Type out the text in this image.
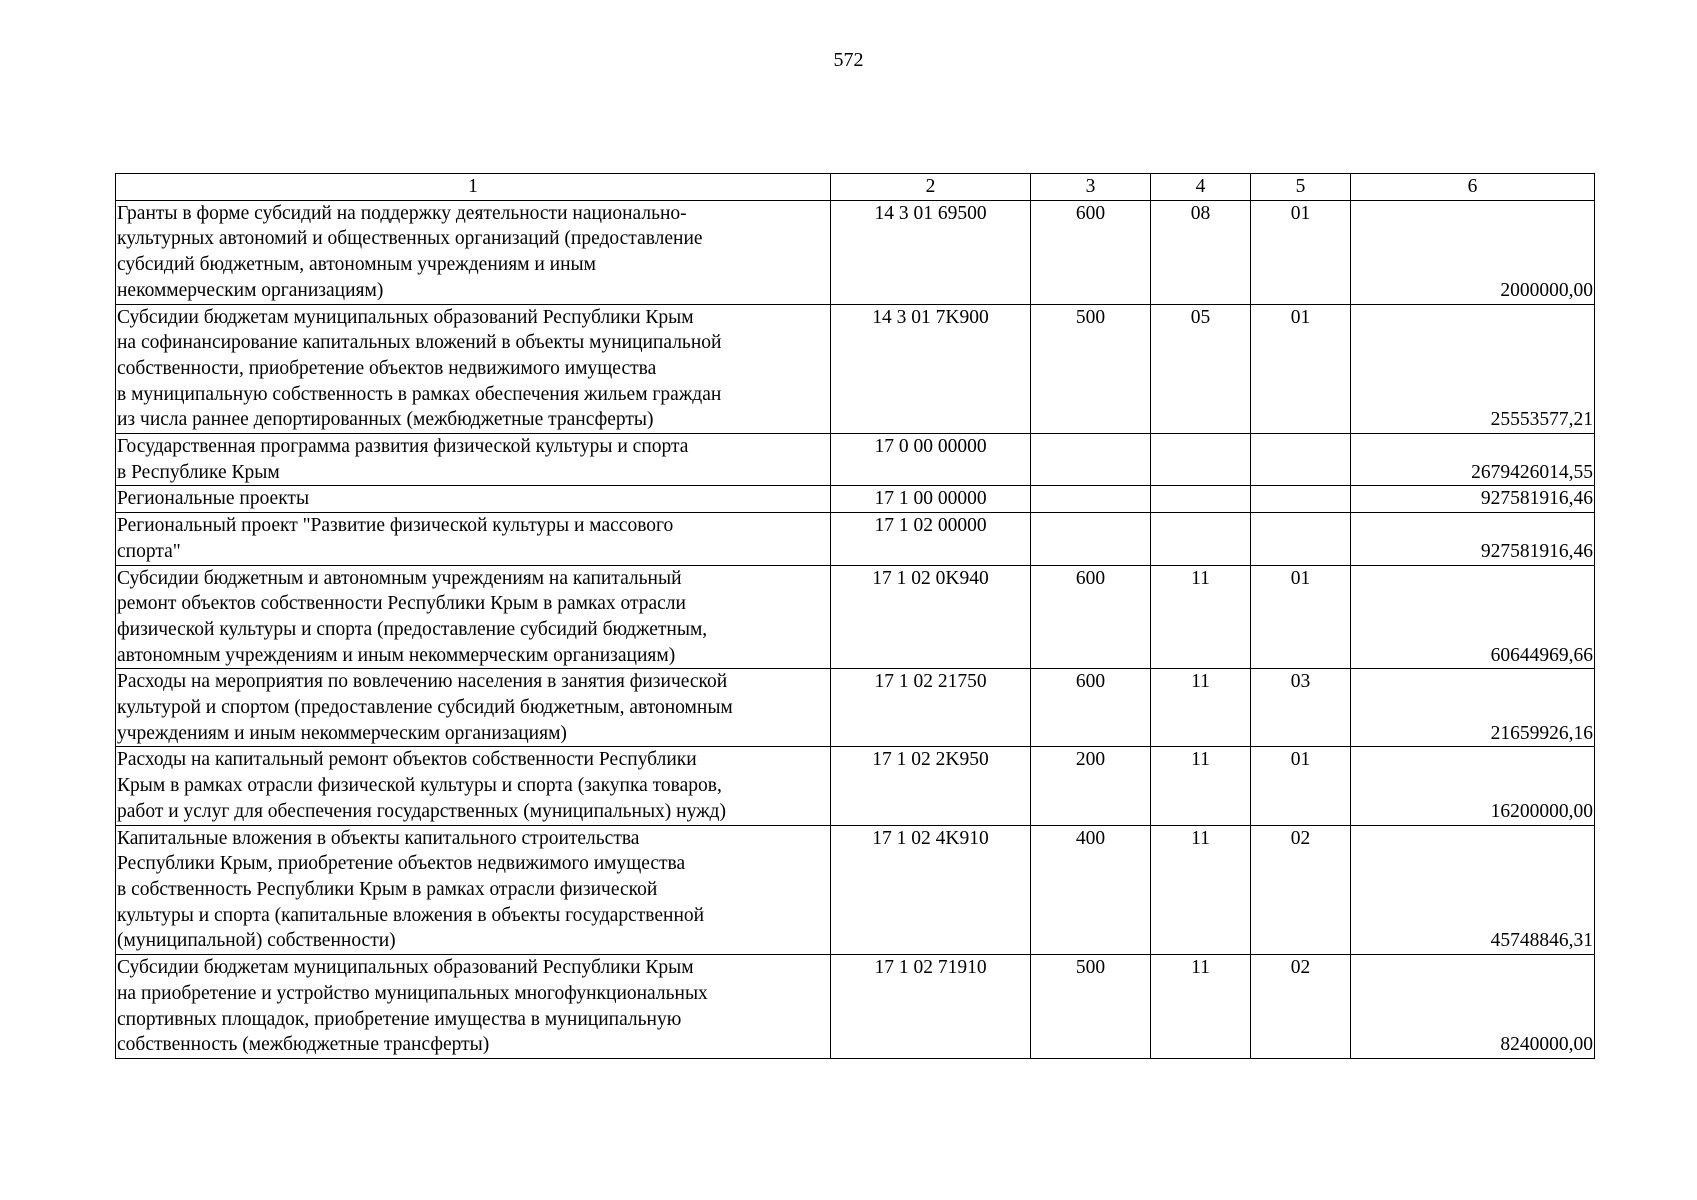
572
1	2	3	4	5	6

Гранты в форме субсидий на поддержку деятельности национально-
культурных автономий и общественных организаций (предоставление
субсидий бюджетным, автономным учреждениям и иным
некоммерческим организациям)	14 3 01 69500	600	08	01	2000000,00

Субсидии бюджетам муниципальных образований Республики Крым
на софинансирование капитальных вложений в объекты муниципальной
собственности, приобретение объектов недвижимого имущества
в муниципальную собственность в рамках обеспечения жильем граждан
из числа раннее депортированных (межбюджетные трансферты)	14 3 01 7K900	500	05	01	25553577,21

Государственная программа развития физической культуры и спорта
в Республике Крым	17 0 00 00000				2679426014,55

Региональные проекты	17 1 00 00000				927581916,46

Региональный проект "Развитие физической культуры и массового
спорта"	17 1 02 00000				927581916,46

Субсидии бюджетным и автономным учреждениям на капитальный
ремонт объектов собственности Республики Крым в рамках отрасли
физической культуры и спорта (предоставление субсидий бюджетным,
автономным учреждениям и иным некоммерческим организациям)	17 1 02 0K940	600	11	01	60644969,66

Расходы на мероприятия по вовлечению населения в занятия физической
культурой и спортом (предоставление субсидий бюджетным, автономным
учреждениям и иным некоммерческим организациям)	17 1 02 21750	600	11	03	21659926,16

Расходы на капитальный ремонт объектов собственности Республики
Крым в рамках отрасли физической культуры и спорта (закупка товаров,
работ и услуг для обеспечения государственных (муниципальных) нужд)	17 1 02 2K950	200	11	01	16200000,00

Капитальные вложения в объекты капитального строительства
Республики Крым, приобретение объектов недвижимого имущества
в собственность Республики Крым в рамках отрасли физической
культуры и спорта (капитальные вложения в объекты государственной
(муниципальной) собственности)	17 1 02 4K910	400	11	02	45748846,31

Субсидии бюджетам муниципальных образований Республики Крым
на приобретение и устройство муниципальных многофункциональных
спортивных площадок, приобретение имущества в муниципальную
собственность (межбюджетные трансферты)	17 1 02 71910	500	11	02	8240000,00
